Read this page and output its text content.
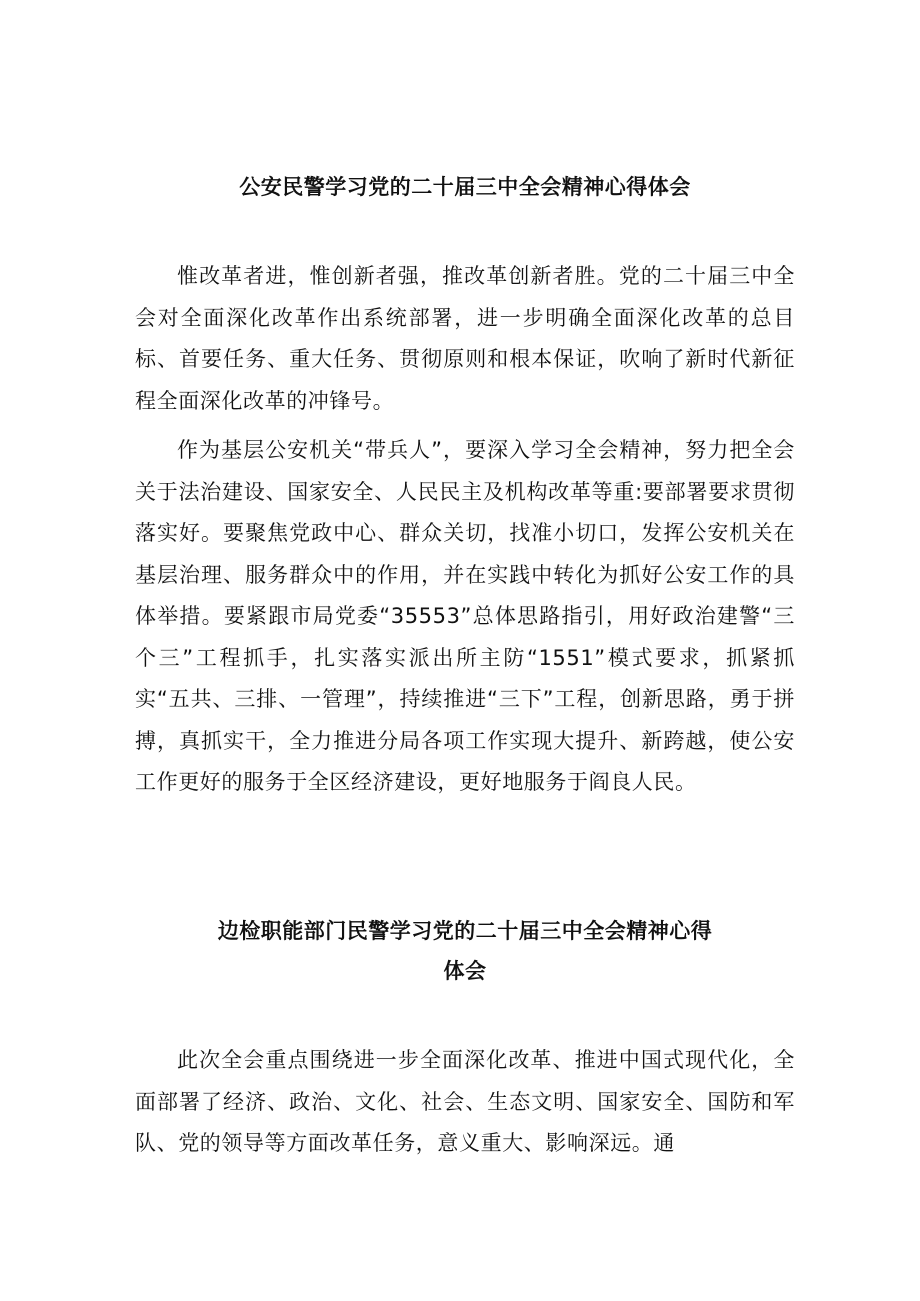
公安民警学习党的二十届三中全会精神心得体会

惟改革者进，惟创新者强，推改革创新者胜。党的二十届三中全会对全面深化改革作出系统部署，进一步明确全面深化改革的总目标、首要任务、重大任务、贯彻原则和根本保证，吹响了新时代新征程全面深化改革的冲锋号。

作为基层公安机关“带兵人”，要深入学习全会精神，努力把全会关于法治建设、国家安全、人民民主及机构改革等重:要部署要求贯彻落实好。要聚焦党政中心、群众关切，找准小切口，发挥公安机关在基层治理、服务群众中的作用，并在实践中转化为抓好公安工作的具体举措。要紧跟市局党委“35553”总体思路指引，用好政治建警“三个三”工程抓手，扎实落实派出所主防“1551”模式要求，抓紧抓实“五共、三排、一管理”，持续推进“三下”工程，创新思路，勇于拼搏，真抓实干，全力推进分局各项工作实现大提升、新跨越，使公安工作更好的服务于全区经济建设，更好地服务于阎良人民。

边检职能部门民警学习党的二十届三中全会精神心得
体会

此次全会重点围绕进一步全面深化改革、推进中国式现代化，全面部署了经济、政治、文化、社会、生态文明、国家安全、国防和军队、党的领导等方面改革任务，意义重大、影响深远。通
